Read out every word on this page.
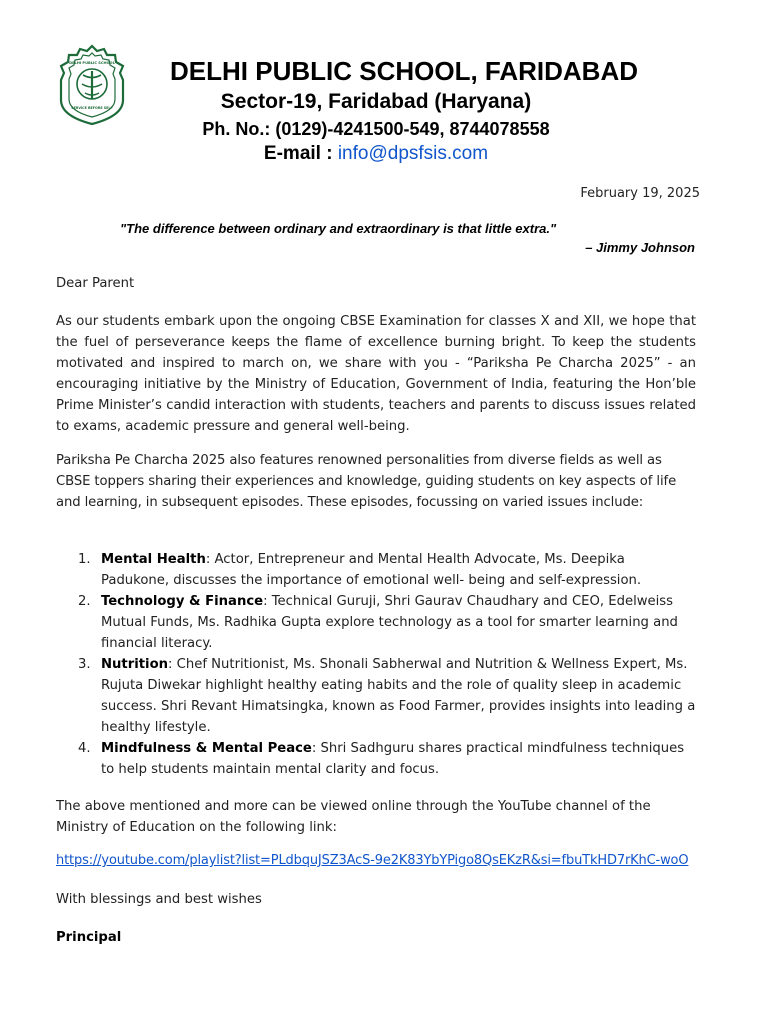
DELHI PUBLIC SCHOOL
SERVICE BEFORE SELF
DELHI PUBLIC SCHOOL, FARIDABAD
Sector-19, Faridabad (Haryana)
Ph. No.: (0129)-4241500-549, 8744078558
E-mail : info@dpsfsis.com
February 19, 2025
"The difference between ordinary and extraordinary is that little extra."
– Jimmy Johnson
Dear Parent
As our students embark upon the ongoing CBSE Examination for classes X and XII, we hope that the fuel of perseverance keeps the flame of excellence burning bright. To keep the students motivated and inspired to march on, we share with you - “Pariksha Pe Charcha 2025” - an encouraging initiative by the Ministry of Education, Government of India, featuring the Hon’ble Prime Minister’s candid interaction with students, teachers and parents to discuss issues related to exams, academic pressure and general well-being.
Pariksha Pe Charcha 2025 also features renowned personalities from diverse fields as well as CBSE toppers sharing their experiences and knowledge, guiding students on key aspects of life and learning, in subsequent episodes. These episodes, focussing on varied issues include:
1. Mental Health: Actor, Entrepreneur and Mental Health Advocate, Ms. Deepika Padukone, discusses the importance of emotional well- being and self-expression.
2. Technology & Finance: Technical Guruji, Shri Gaurav Chaudhary and CEO, Edelweiss Mutual Funds, Ms. Radhika Gupta explore technology as a tool for smarter learning and financial literacy.
3. Nutrition: Chef Nutritionist, Ms. Shonali Sabherwal and Nutrition & Wellness Expert, Ms. Rujuta Diwekar highlight healthy eating habits and the role of quality sleep in academic success. Shri Revant Himatsingka, known as Food Farmer, provides insights into leading a healthy lifestyle.
4. Mindfulness & Mental Peace: Shri Sadhguru shares practical mindfulness techniques to help students maintain mental clarity and focus.
The above mentioned and more can be viewed online through the YouTube channel of the Ministry of Education on the following link:
https://youtube.com/playlist?list=PLdbquJSZ3AcS-9e2K83YbYPigo8QsEKzR&si=fbuTkHD7rKhC-woO
With blessings and best wishes
Principal
